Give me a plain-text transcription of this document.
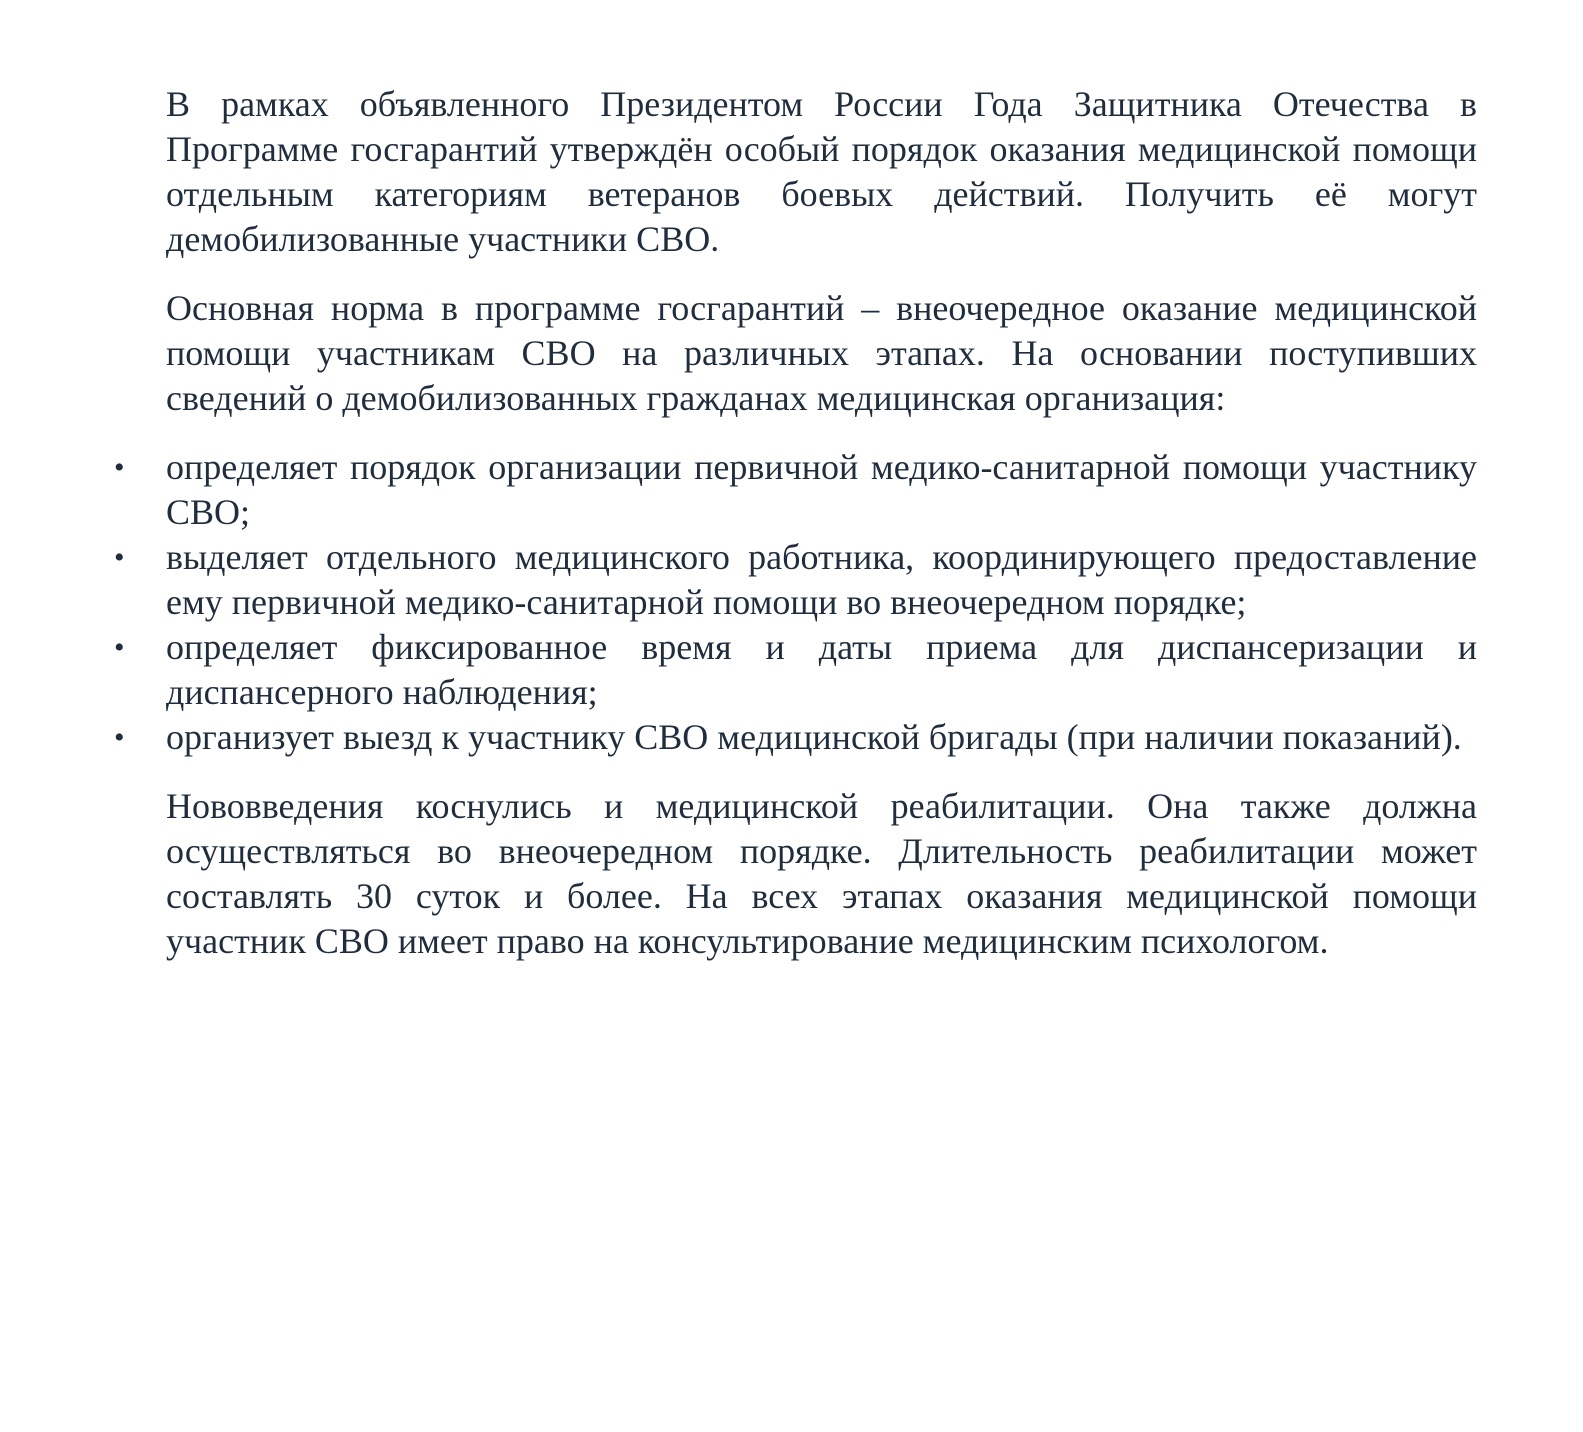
В рамках объявленного Президентом России Года Защитника Отечества в Программе госгарантий утверждён особый порядок оказания медицинской помощи отдельным категориям ветеранов боевых действий. Получить её могут демобилизованные участники СВО.

Основная норма в программе госгарантий – внеочередное оказание медицинской помощи участникам СВО на различных этапах. На основании поступивших сведений о демобилизованных гражданах медицинская организация:

• определяет порядок организации первичной медико-санитарной помощи участнику СВО;
• выделяет отдельного медицинского работника, координирующего предоставление ему первичной медико-санитарной помощи во внеочередном порядке;
• определяет фиксированное время и даты приема для диспансеризации и диспансерного наблюдения;
• организует выезд к участнику СВО медицинской бригады (при наличии показаний).

Нововведения коснулись и медицинской реабилитации. Она также должна осуществляться во внеочередном порядке. Длительность реабилитации может составлять 30 суток и более. На всех этапах оказания медицинской помощи участник СВО имеет право на консультирование медицинским психологом.
